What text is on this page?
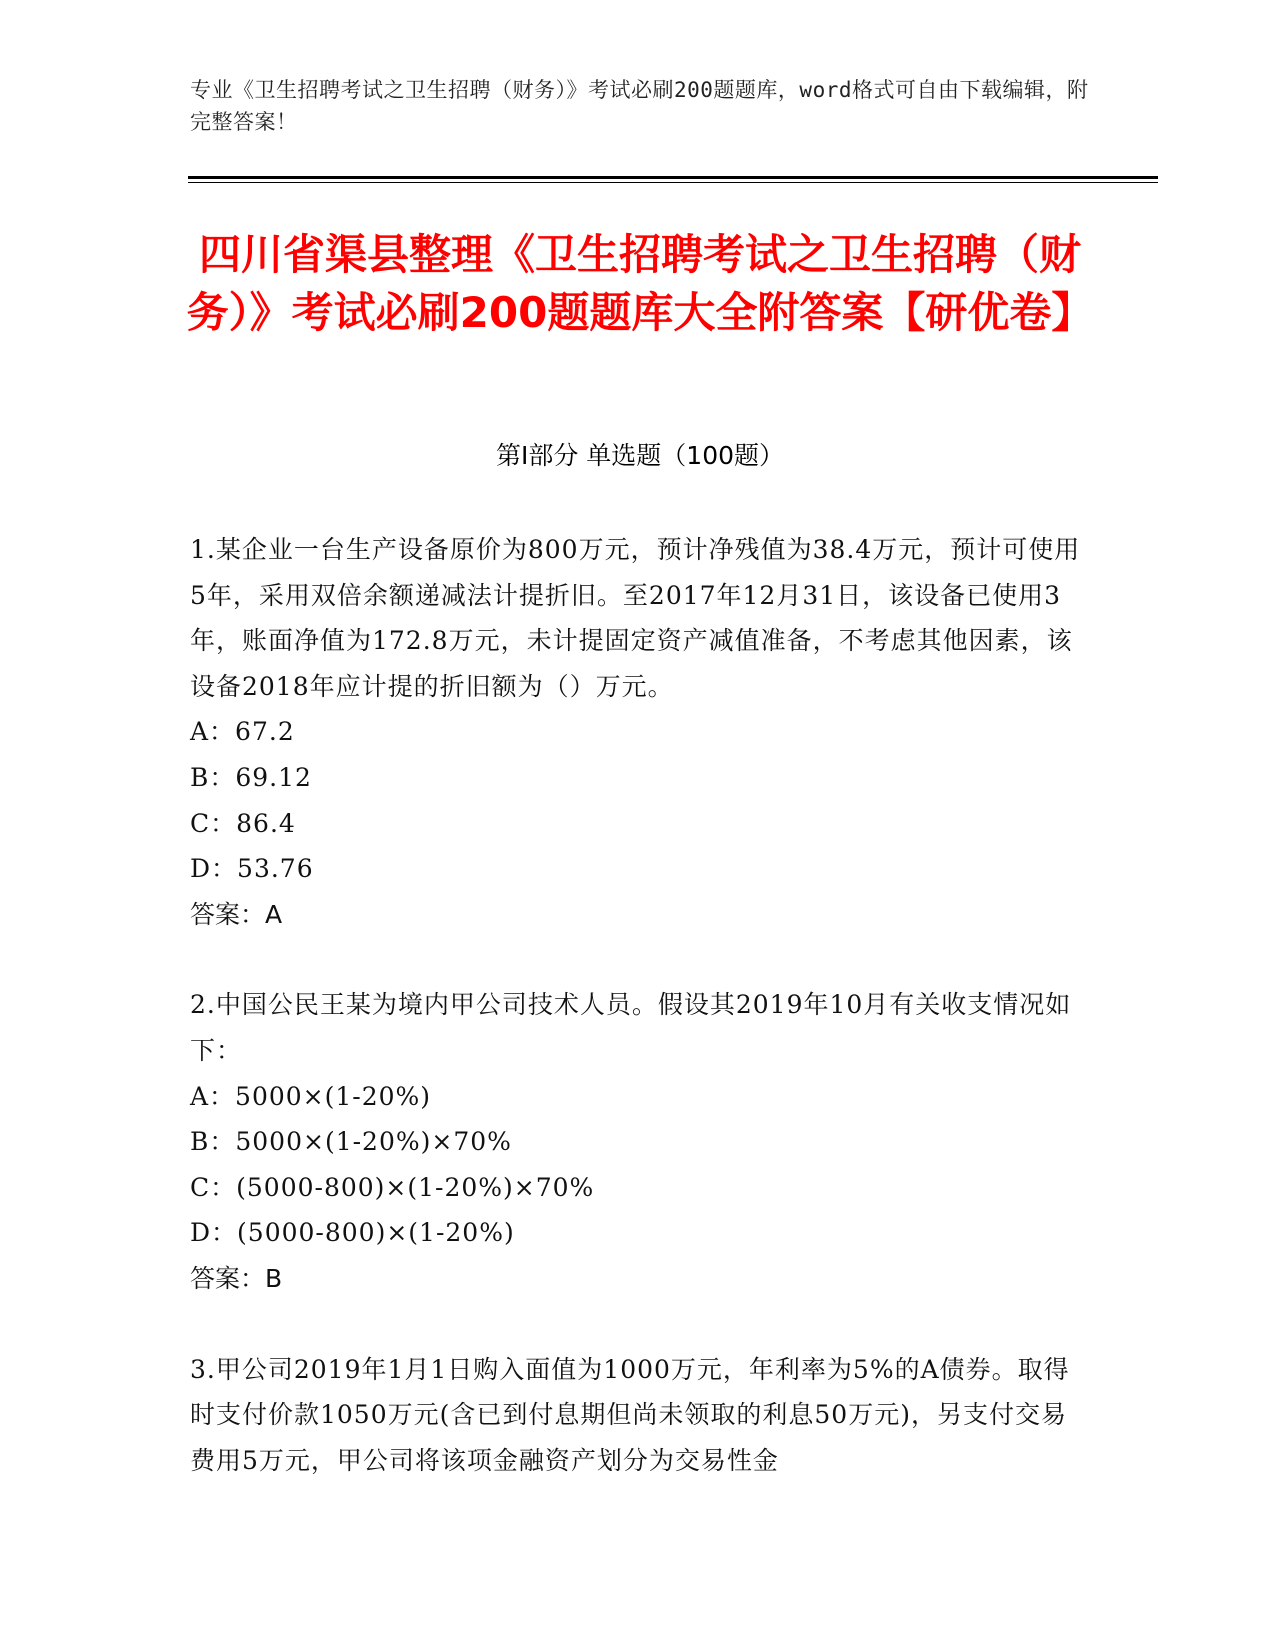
专业《卫生招聘考试之卫生招聘（财务）》考试必刷200题题库，word格式可自由下载编辑，附完整答案！
四川省渠县整理《卫生招聘考试之卫生招聘（财务）》考试必刷200题题库大全附答案【研优卷】
第I部分 单选题（100题）
1.某企业一台生产设备原价为800万元，预计净残值为38.4万元，预计可使用5年，采用双倍余额递减法计提折旧。至2017年12月31日，该设备已使用3年，账面净值为172.8万元，未计提固定资产减值准备，不考虑其他因素，该设备2018年应计提的折旧额为（）万元。
A：67.2
B：69.12
C：86.4
D：53.76
答案：A
2.中国公民王某为境内甲公司技术人员。假设其2019年10月有关收支情况如下：
A：5000×(1-20%)
B：5000×(1-20%)×70%
C：(5000-800)×(1-20%)×70%
D：(5000-800)×(1-20%)
答案：B
3.甲公司2019年1月1日购入面值为1000万元，年利率为5%的A债券。取得时支付价款1050万元(含已到付息期但尚未领取的利息50万元)，另支付交易费用5万元，甲公司将该项金融资产划分为交易性金
